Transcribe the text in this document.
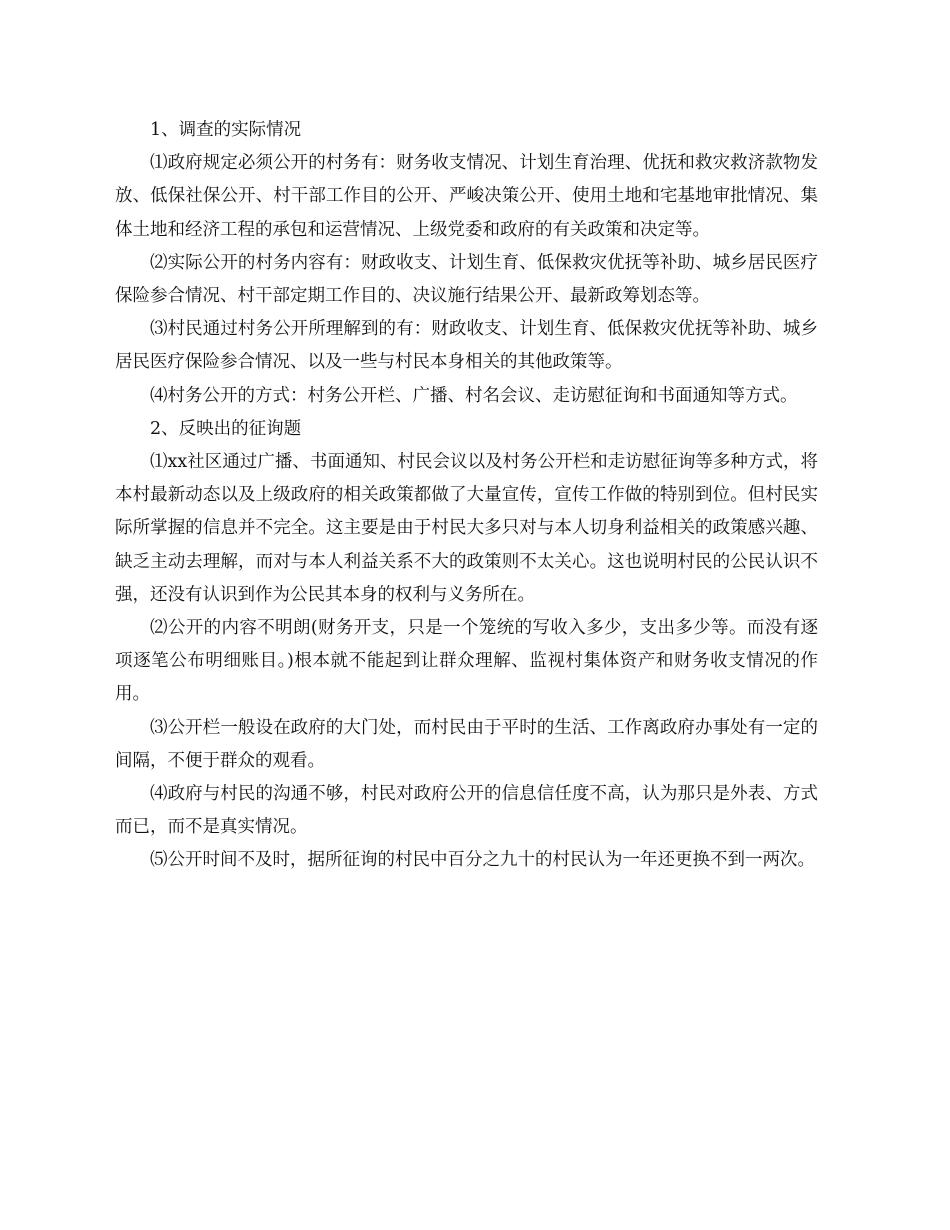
1、调查的实际情况

⑴政府规定必须公开的村务有：财务收支情况、计划生育治理、优抚和救灾救济款物发放、低保社保公开、村干部工作目的公开、严峻决策公开、使用土地和宅基地审批情况、集体土地和经济工程的承包和运营情况、上级党委和政府的有关政策和决定等。

⑵实际公开的村务内容有：财政收支、计划生育、低保救灾优抚等补助、城乡居民医疗保险参合情况、村干部定期工作目的、决议施行结果公开、最新政筹划态等。

⑶村民通过村务公开所理解到的有：财政收支、计划生育、低保救灾优抚等补助、城乡居民医疗保险参合情况、以及一些与村民本身相关的其他政策等。

⑷村务公开的方式：村务公开栏、广播、村名会议、走访慰征询和书面通知等方式。

2、反映出的征询题

⑴xx社区通过广播、书面通知、村民会议以及村务公开栏和走访慰征询等多种方式，将本村最新动态以及上级政府的相关政策都做了大量宣传，宣传工作做的特别到位。但村民实际所掌握的信息并不完全。这主要是由于村民大多只对与本人切身利益相关的政策感兴趣、缺乏主动去理解，而对与本人利益关系不大的政策则不太关心。这也说明村民的公民认识不强，还没有认识到作为公民其本身的权利与义务所在。

⑵公开的内容不明朗(财务开支，只是一个笼统的写收入多少，支出多少等。而没有逐项逐笔公布明细账目。)根本就不能起到让群众理解、监视村集体资产和财务收支情况的作用。

⑶公开栏一般设在政府的大门处，而村民由于平时的生活、工作离政府办事处有一定的间隔，不便于群众的观看。

⑷政府与村民的沟通不够，村民对政府公开的信息信任度不高，认为那只是外表、方式而已，而不是真实情况。

⑸公开时间不及时，据所征询的村民中百分之九十的村民认为一年还更换不到一两次。
